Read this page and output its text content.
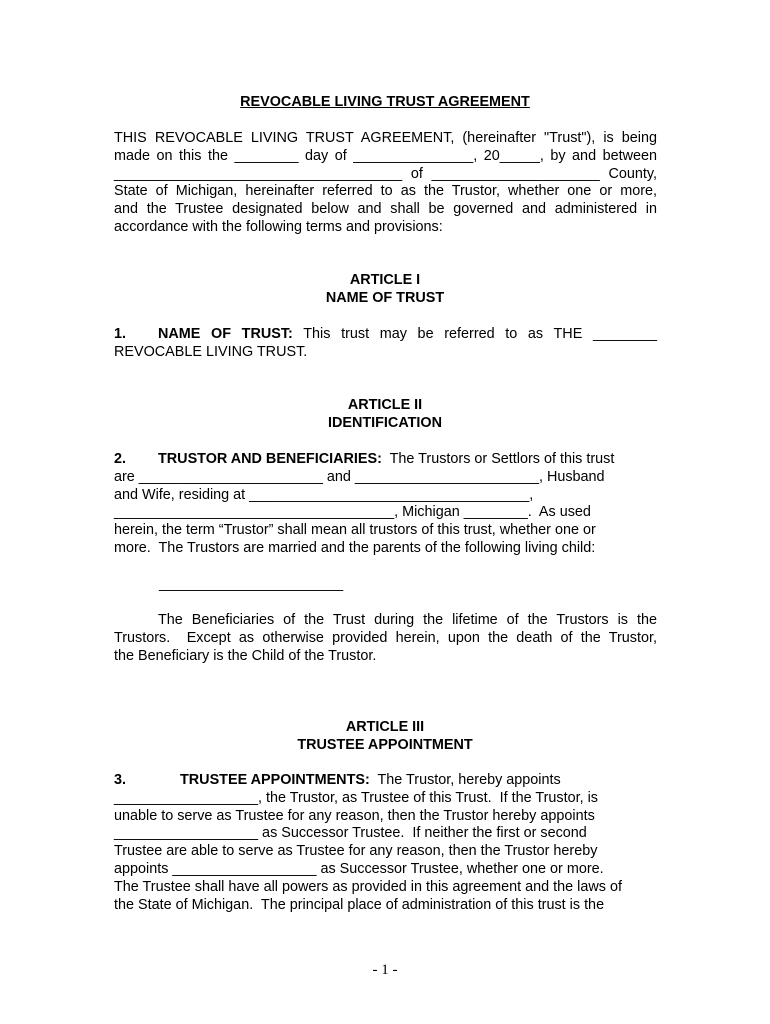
REVOCABLE LIVING TRUST AGREEMENT

THIS REVOCABLE LIVING TRUST AGREEMENT, (hereinafter "Trust"), is being
made on this the ________ day of _______________, 20_____, by and between
____________________________________ of _____________________ County,
State of Michigan, hereinafter referred to as the Trustor, whether one or more,
and the Trustee designated below and shall be governed and administered in
accordance with the following terms and provisions:

ARTICLE I

NAME OF TRUST

1. NAME OF TRUST: This trust may be referred to as THE ________
REVOCABLE LIVING TRUST.

ARTICLE II

IDENTIFICATION

2. TRUSTOR AND BENEFICIARIES: The Trustors or Settlors of this trust
are _______________________ and _______________________, Husband
and Wife, residing at ___________________________________,
___________________________________, Michigan ________.  As used
herein, the term “Trustor” shall mean all trustors of this trust, whether one or
more.  The Trustors are married and the parents of the following living child:

_______________________

The Beneficiaries of the Trust during the lifetime of the Trustors is the
Trustors.  Except as otherwise provided herein, upon the death of the Trustor,
the Beneficiary is the Child of the Trustor.

ARTICLE III

TRUSTEE APPOINTMENT

3.	TRUSTEE APPOINTMENTS: The Trustor, hereby appoints
__________________, the Trustor, as Trustee of this Trust.  If the Trustor, is
unable to serve as Trustee for any reason, then the Trustor hereby appoints
__________________ as Successor Trustee.  If neither the first or second
Trustee are able to serve as Trustee for any reason, then the Trustor hereby
appoints __________________ as Successor Trustee, whether one or more.
The Trustee shall have all powers as provided in this agreement and the laws of
the State of Michigan.  The principal place of administration of this trust is the

- 1 -
